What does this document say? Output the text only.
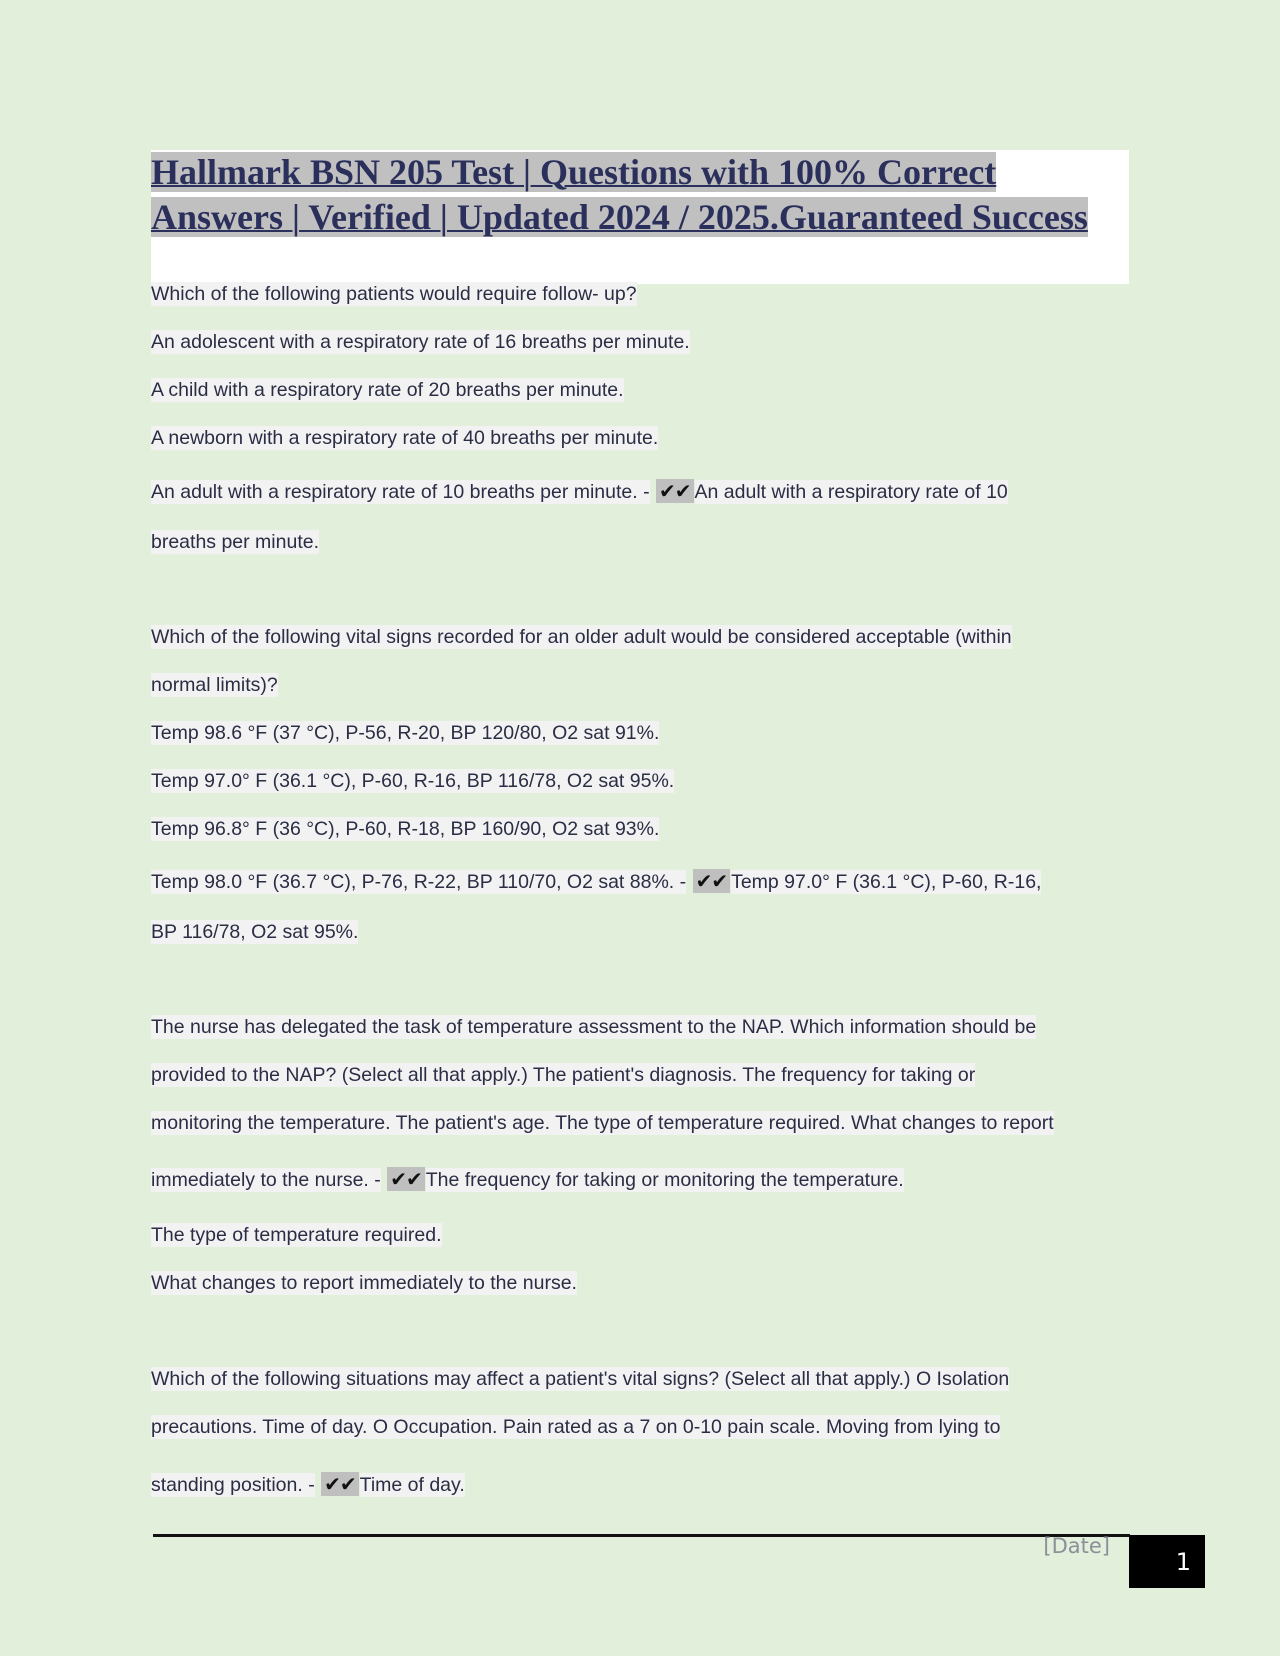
Hallmark BSN 205 Test | Questions with 100% Correct Answers | Verified | Updated 2024 / 2025.Guaranteed Success

Which of the following patients would require follow- up?

An adolescent with a respiratory rate of 16 breaths per minute.

A child with a respiratory rate of 20 breaths per minute.

A newborn with a respiratory rate of 40 breaths per minute.

An adult with a respiratory rate of 10 breaths per minute. - ✔✔ An adult with a respiratory rate of 10

breaths per minute.

Which of the following vital signs recorded for an older adult would be considered acceptable (within

normal limits)?

Temp 98.6 °F (37 °C), P-56, R-20, BP 120/80, O2 sat 91%.

Temp 97.0° F (36.1 °C), P-60, R-16, BP 116/78, O2 sat 95%.

Temp 96.8° F (36 °C), P-60, R-18, BP 160/90, O2 sat 93%.

Temp 98.0 °F (36.7 °C), P-76, R-22, BP 110/70, O2 sat 88%. - ✔✔ Temp 97.0° F (36.1 °C), P-60, R-16,

BP 116/78, O2 sat 95%.

The nurse has delegated the task of temperature assessment to the NAP. Which information should be

provided to the NAP? (Select all that apply.) The patient's diagnosis. The frequency for taking or

monitoring the temperature. The patient's age. The type of temperature required. What changes to report

immediately to the nurse. - ✔✔ The frequency for taking or monitoring the temperature.

The type of temperature required.

What changes to report immediately to the nurse.

Which of the following situations may affect a patient's vital signs? (Select all that apply.) O Isolation

precautions. Time of day. O Occupation. Pain rated as a 7 on 0-10 pain scale. Moving from lying to

standing position. - ✔✔ Time of day.

[Date]
1
